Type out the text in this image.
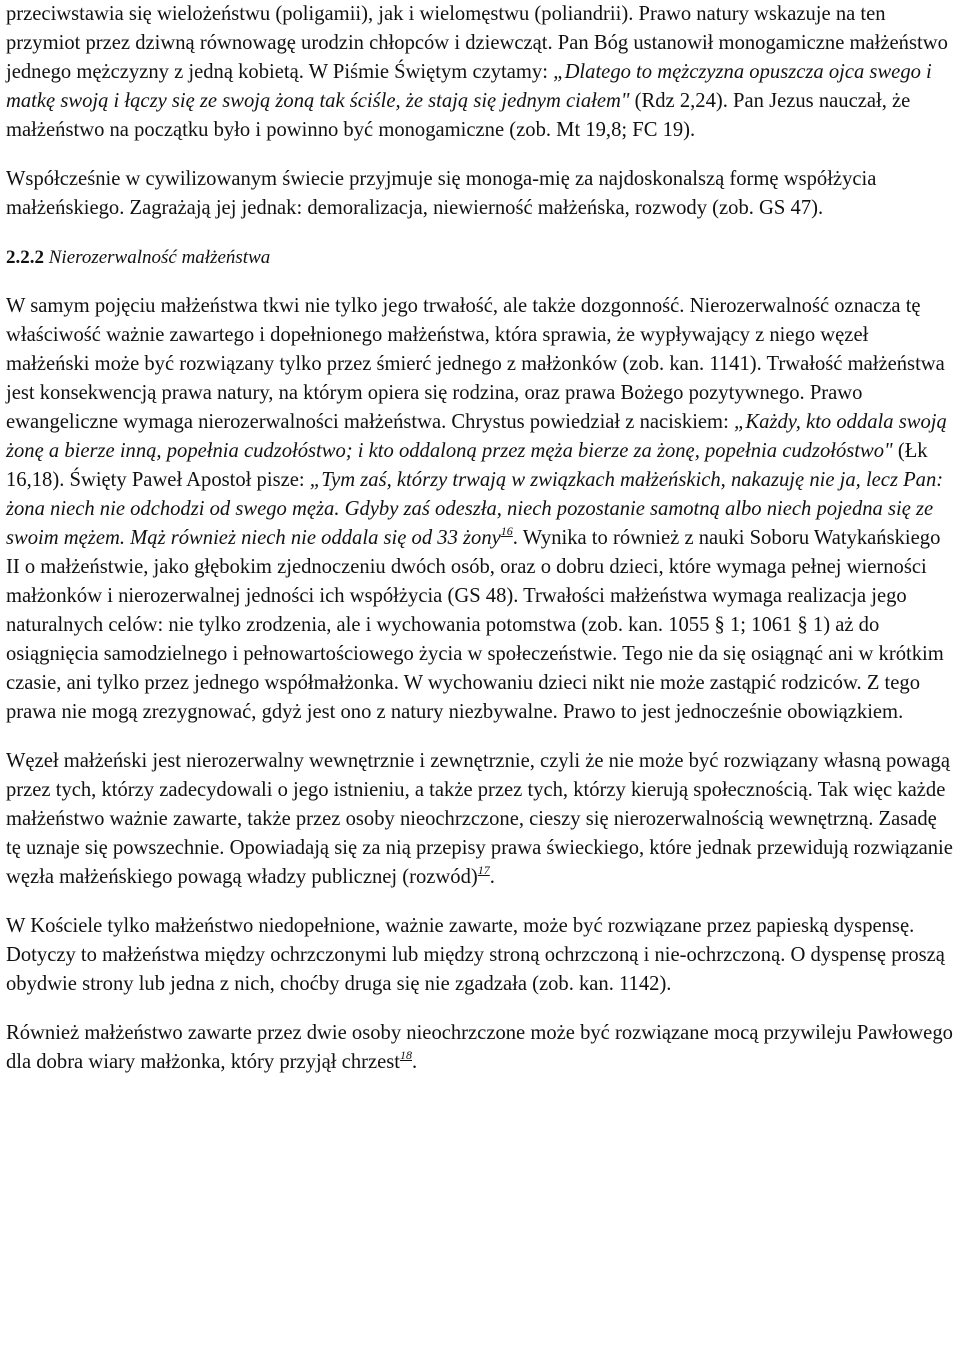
przeciwstawia się wielożeństwu (poligamii), jak i wielomęstwu (poliandrii). Prawo natury wskazuje na ten przymiot przez dziwną równowagę urodzin chłopców i dziewcząt. Pan Bóg ustanowił monogamiczne małżeństwo jednego mężczyzny z jedną kobietą. W Piśmie Świętym czytamy: „Dlatego to mężczyzna opuszcza ojca swego i matkę swoją i łączy się ze swoją żoną tak ściśle, że stają się jednym ciałem" (Rdz 2,24). Pan Jezus nauczał, że małżeństwo na początku było i powinno być monogamiczne (zob. Mt 19,8; FC 19).

Współcześnie w cywilizowanym świecie przyjmuje się monoga-mię za najdoskonalszą formę współżycia małżeńskiego. Zagrażają jej jednak: demoralizacja, niewierność małżeńska, rozwody (zob. GS 47).

2.2.2 Nierozerwalność małżeństwa

W samym pojęciu małżeństwa tkwi nie tylko jego trwałość, ale także dozgonność. Nierozerwalność oznacza tę właściwość ważnie zawartego i dopełnionego małżeństwa, która sprawia, że wypływający z niego węzeł małżeński może być rozwiązany tylko przez śmierć jednego z małżonków (zob. kan. 1141). Trwałość małżeństwa jest konsekwencją prawa natury, na którym opiera się rodzina, oraz prawa Bożego pozytywnego. Prawo ewangeliczne wymaga nierozerwalności małżeństwa. Chrystus powiedział z naciskiem: „Każdy, kto oddala swoją żonę a bierze inną, popełnia cudzołóstwo; i kto oddaloną przez męża bierze za żonę, popełnia cudzołóstwo" (Łk 16,18). Święty Paweł Apostoł pisze: „Tym zaś, którzy trwają w związkach małżeńskich, nakazuję nie ja, lecz Pan: żona niech nie odchodzi od swego męża. Gdyby zaś odeszła, niech pozostanie samotną albo niech pojedna się ze swoim mężem. Mąż również niech nie oddala się od 33 żony$^{16}$. Wynika to również z nauki Soboru Watykańskiego II o małżeństwie, jako głębokim zjednoczeniu dwóch osób, oraz o dobru dzieci, które wymaga pełnej wierności małżonków i nierozerwalnej jedności ich współżycia (GS 48). Trwałości małżeństwa wymaga realizacja jego naturalnych celów: nie tylko zrodzenia, ale i wychowania potomstwa (zob. kan. 1055 § 1; 1061 § 1) aż do osiągnięcia samodzielnego i pełnowartościowego życia w społeczeństwie. Tego nie da się osiągnąć ani w krótkim czasie, ani tylko przez jednego współmałżonka. W wychowaniu dzieci nikt nie może zastąpić rodziców. Z tego prawa nie mogą zrezygnować, gdyż jest ono z natury niezbywalne. Prawo to jest jednocześnie obowiązkiem.

Węzeł małżeński jest nierozerwalny wewnętrznie i zewnętrznie, czyli że nie może być rozwiązany własną powagą przez tych, którzy zadecydowali o jego istnieniu, a także przez tych, którzy kierują społecznością. Tak więc każde małżeństwo ważnie zawarte, także przez osoby nieochrzczone, cieszy się nierozerwalnością wewnętrzną. Zasadę tę uznaje się powszechnie. Opowiadają się za nią przepisy prawa świeckiego, które jednak przewidują rozwiązanie węzła małżeńskiego powagą władzy publicznej (rozwód)$^{17}$.

W Kościele tylko małżeństwo niedopełnione, ważnie zawarte, może być rozwiązane przez papieską dyspensę. Dotyczy to małżeństwa między ochrzczonymi lub między stroną ochrzczoną i nie-ochrzczoną. O dyspensę proszą obydwie strony lub jedna z nich, choćby druga się nie zgadzała (zob. kan. 1142).

Również małżeństwo zawarte przez dwie osoby nieochrzczone może być rozwiązane mocą przywileju Pawłowego dla dobra wiary małżonka, który przyjął chrzest$^{18}$.
